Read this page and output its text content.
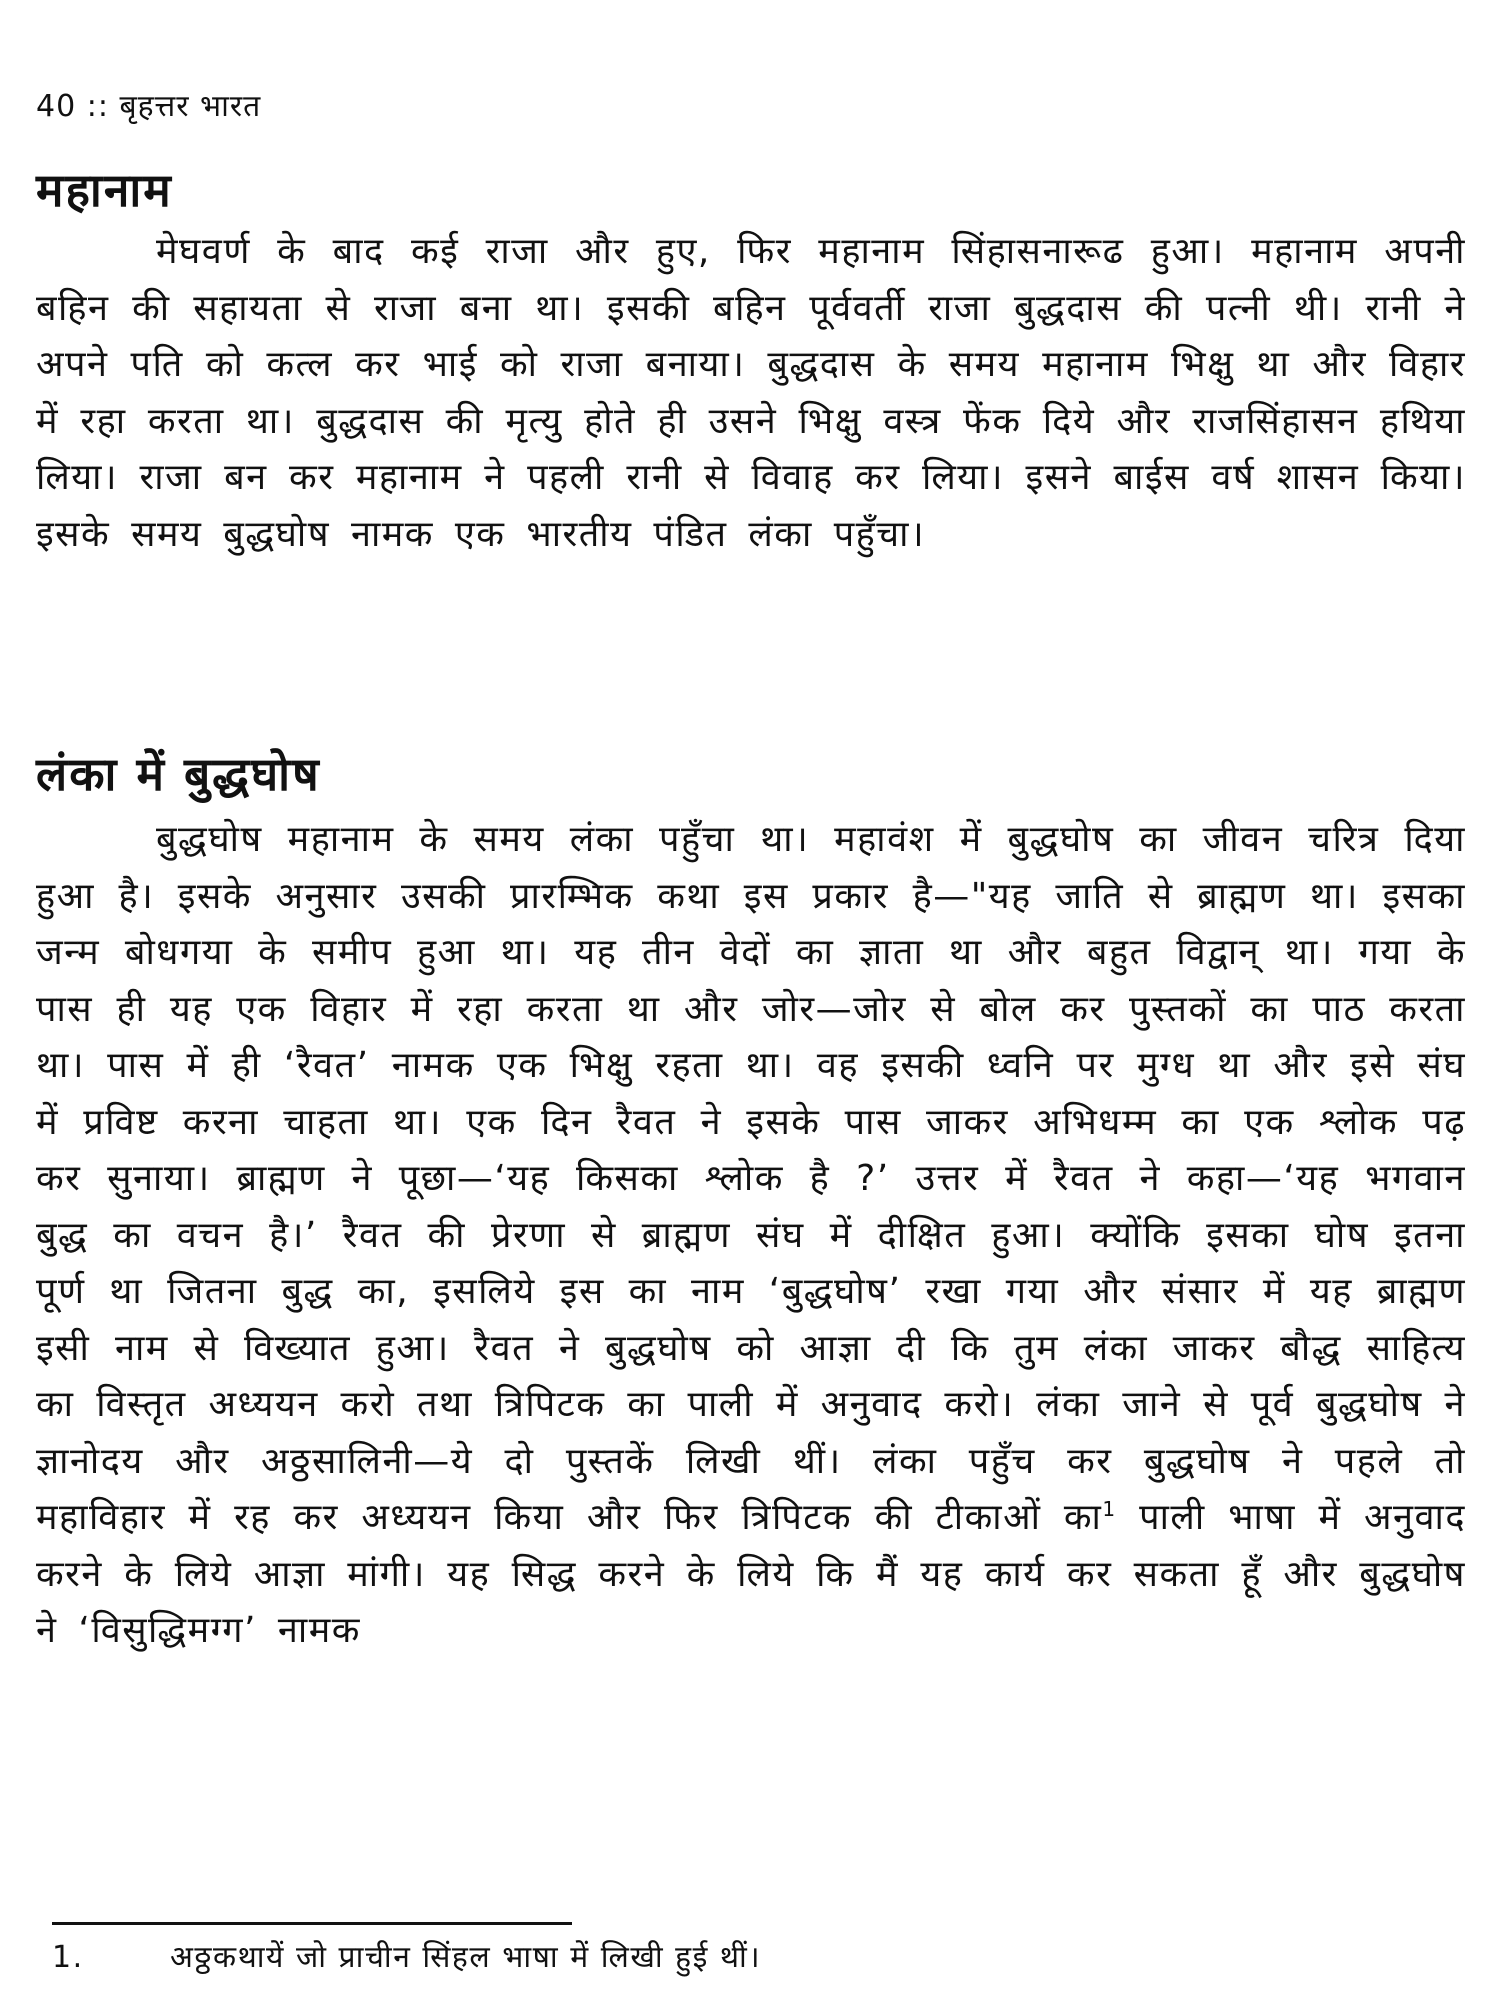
40 :: बृहत्तर भारत
महानाम
मेघवर्ण के बाद कई राजा और हुए, फिर महानाम सिंहासनारूढ हुआ। महानाम अपनी बहिन की सहायता से राजा बना था। इसकी बहिन पूर्ववर्ती राजा बुद्धदास की पत्नी थी। रानी ने अपने पति को कत्ल कर भाई को राजा बनाया। बुद्धदास के समय महानाम भिक्षु था और विहार में रहा करता था। बुद्धदास की मृत्यु होते ही उसने भिक्षु वस्त्र फेंक दिये और राजसिंहासन हथिया लिया। राजा बन कर महानाम ने पहली रानी से विवाह कर लिया। इसने बाईस वर्ष शासन किया। इसके समय बुद्धघोष नामक एक भारतीय पंडित लंका पहुँचा।
लंका में बुद्धघोष
बुद्धघोष महानाम के समय लंका पहुँचा था। महावंश में बुद्धघोष का जीवन चरित्र दिया हुआ है। इसके अनुसार उसकी प्रारम्भिक कथा इस प्रकार है—"यह जाति से ब्राह्मण था। इसका जन्म बोधगया के समीप हुआ था। यह तीन वेदों का ज्ञाता था और बहुत विद्वान् था। गया के पास ही यह एक विहार में रहा करता था और जोर—जोर से बोल कर पुस्तकों का पाठ करता था। पास में ही ‘रैवत’ नामक एक भिक्षु रहता था। वह इसकी ध्वनि पर मुग्ध था और इसे संघ में प्रविष्ट करना चाहता था। एक दिन रैवत ने इसके पास जाकर अभिधम्म का एक श्लोक पढ़ कर सुनाया। ब्राह्मण ने पूछा—‘यह किसका श्लोक है ?’ उत्तर में रैवत ने कहा—‘यह भगवान बुद्ध का वचन है।’ रैवत की प्रेरणा से ब्राह्मण संघ में दीक्षित हुआ। क्योंकि इसका घोष इतना पूर्ण था जितना बुद्ध का, इसलिये इस का नाम ‘बुद्धघोष’ रखा गया और संसार में यह ब्राह्मण इसी नाम से विख्यात हुआ। रैवत ने बुद्धघोष को आज्ञा दी कि तुम लंका जाकर बौद्ध साहित्य का विस्तृत अध्ययन करो तथा त्रिपिटक का पाली में अनुवाद करो। लंका जाने से पूर्व बुद्धघोष ने ज्ञानोदय और अठ्ठसालिनी—ये दो पुस्तकें लिखी थीं। लंका पहुँच कर बुद्धघोष ने पहले तो महाविहार में रह कर अध्ययन किया और फिर त्रिपिटक की टीकाओं का$^1$ पाली भाषा में अनुवाद करने के लिये आज्ञा मांगी। यह सिद्ध करने के लिये कि मैं यह कार्य कर सकता हूँ और बुद्धघोष ने ‘विसुद्धिमग्ग’ नामक
1.	अठ्ठकथायें जो प्राचीन सिंहल भाषा में लिखी हुई थीं।
